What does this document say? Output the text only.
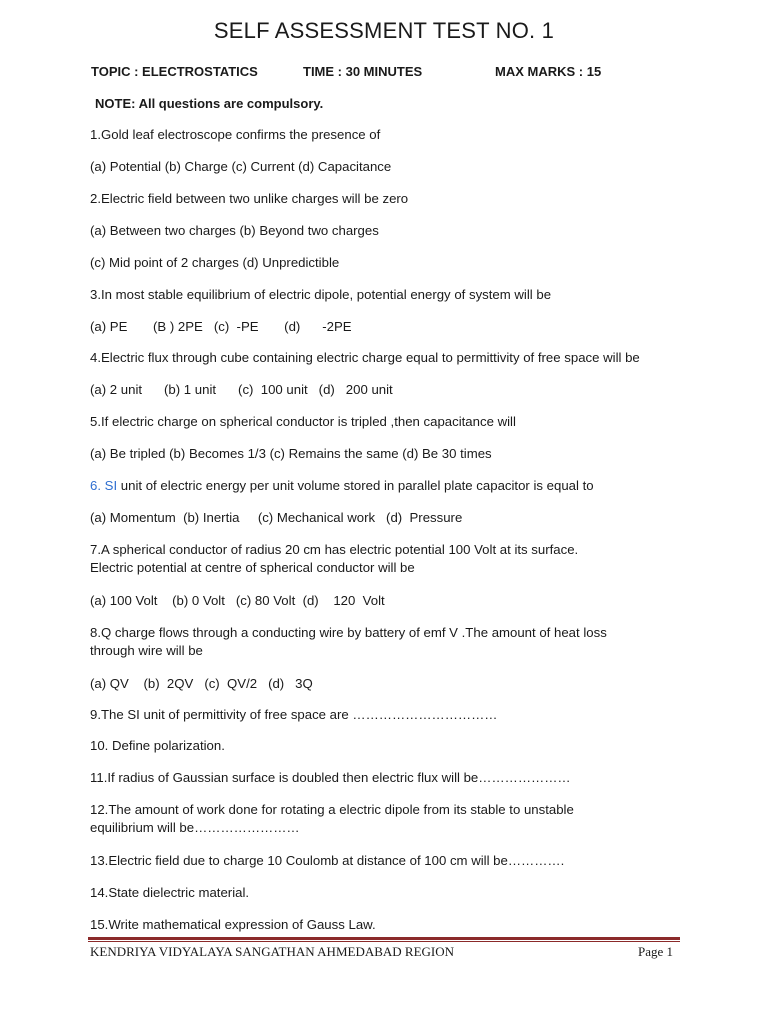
SELF ASSESSMENT TEST NO. 1
TOPIC : ELECTROSTATICS	TIME : 30 MINUTES	MAX MARKS : 15
NOTE: All questions are compulsory.
1.Gold leaf electroscope confirms the presence of
(a) Potential (b) Charge (c) Current (d) Capacitance
2.Electric field between two unlike charges will be zero
(a) Between two charges (b) Beyond two charges
(c) Mid point of 2 charges (d) Unpredictible
3.In most stable equilibrium of electric dipole, potential energy of system will be
(a) PE       (B ) 2PE   (c)  -PE       (d)      -2PE
4.Electric flux through cube containing electric charge equal to permittivity of free space will be
(a) 2 unit      (b) 1 unit      (c)  100 unit   (d)   200 unit
5.If electric charge on spherical conductor is tripled ,then capacitance will
(a) Be tripled (b) Becomes 1/3 (c) Remains the same (d) Be 30 times
6. SI unit of electric energy per unit volume stored in parallel plate capacitor is equal to
(a) Momentum  (b) Inertia     (c) Mechanical work   (d)  Pressure
7.A spherical conductor of radius 20 cm has electric potential 100 Volt at its surface.
Electric potential at centre of spherical conductor will be
(a) 100 Volt    (b) 0 Volt   (c) 80 Volt  (d)    120  Volt
8.Q charge flows through a conducting wire by battery of emf V .The amount of heat loss
through wire will be
(a) QV    (b)  2QV   (c)  QV/2   (d)   3Q
9.The SI unit of permittivity of free space are ……………………………
10. Define polarization.
11.If radius of Gaussian surface is doubled then electric flux will be…………………
12.The amount of work done for rotating a electric dipole from its stable to unstable
equilibrium will be……………………
13.Electric field due to charge 10 Coulomb at distance of 100 cm will be………….
14.State dielectric material.
15.Write mathematical expression of Gauss Law.
KENDRIYA VIDYALAYA SANGATHAN AHMEDABAD REGION	Page 1
